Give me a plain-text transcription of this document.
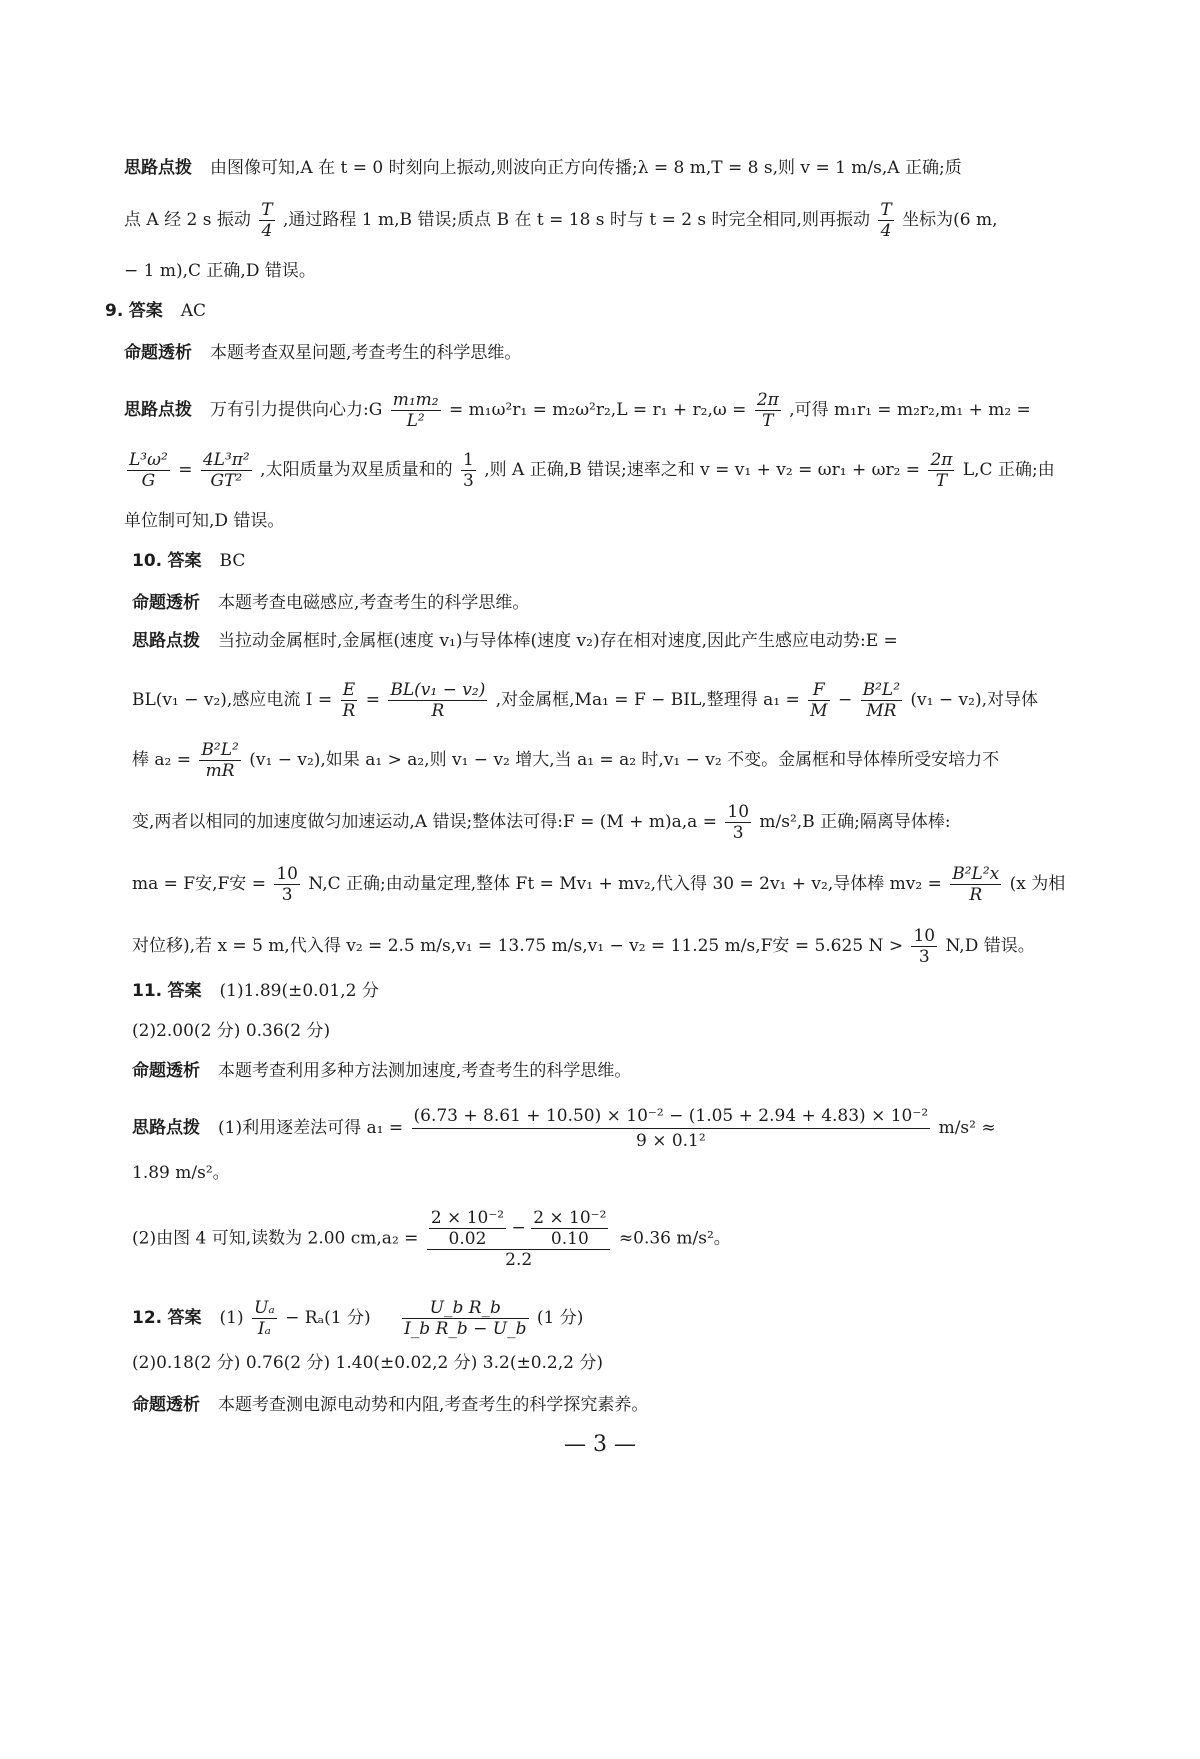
思路点拨 由图像可知,A 在 t = 0 时刻向上振动,则波向正方向传播;λ = 8 m,T = 8 s,则 v = 1 m/s,A 正确;质
点 A 经 2 s 振动 $\frac{T}{4}$ ,通过路程 1 m,B 错误;质点 B 在 t = 18 s 时与 t = 2 s 时完全相同,则再振动 $\frac{T}{4}$ 坐标为(6 m,
− 1 m),C 正确,D 错误。
9. 答案 AC
命题透析 本题考查双星问题,考查考生的科学思维。
思路点拨 万有引力提供向心力:G $\frac{\text{m₁m₂}}{\text{L²}} = m_1\omega^2r_1 = m_2\omega^2r_2,L = r_1 + r_2,\omega = \frac{2\pi}{T}$ ,可得 m₁r₁ = m₂r₂,m₁ + m₂ =
$\frac{\text{L³ω²}}{G} = \frac{\text{4L³π²}}{\text{GT²}}$ ,太阳质量为双星质量和的 $\frac{1}{3}$ ,则 A 正确,B 错误;速率之和 $v = v_1 + v_2 = \omega r_1 + \omega r_2 = \frac{2\pi}{T} L,C$ 正确;由
单位制可知,D 错误。
10. 答案 BC
命题透析 本题考查电磁感应,考查考生的科学思维。
思路点拨 当拉动金属框时,金属框(速度 v₁)与导体棒(速度 v₂)存在相对速度,因此产生感应电动势:E =
BL(v₁ − v₂),感应电流 $I = \frac{E}{R} = \frac{\text{BL(v₁ − v₂)}}{R}$ ,对金属框,Ma₁ = F − BIL,整理得 $a_1 = \frac{F}{M} - \frac{\text{B²L²}}{MR} (v_1 - v_2)$,对导体
棒 $a_2 = \frac{\text{B²L²}}{mR} (v_1 - v_2)$,如果 a₁ > a₂,则 v₁ − v₂ 增大,当 a₁ = a₂ 时,v₁ − v₂ 不变。金属框和导体棒所受安培力不
变,两者以相同的加速度做匀加速运动,A 错误;整体法可得:F = $(M + m)a,a = \frac{10}{3} m/s^2,B$ 正确;隔离导体棒:
ma = F安,F安 = $\frac{10}{3} N,C$ 正确;由动量定理,整体 Ft = Mv₁ + mv₂,代入得 30 = 2v₁ + v₂,导体棒 $mv_2 = \frac{\text{B²L²x}}{R} (x$ 为相
对位移),若 x = 5 m,代入得 v₂ = 2.5 m/s,v₁ = 13.75 m/s,v₁ − v₂ = 11.25 m/s,F安 = 5.625 $N > \frac{10}{3} N,D$ 错误。
11. 答案 (1)1.89(±0.01,2 分
(2)2.00(2 分) 0.36(2 分)
命题透析 本题考查利用多种方法测加速度,考查考生的科学思维。
思路点拨 (1)利用逐差法可得 $a_1 = \frac{\text{(6.73 + 8.61 + 10.50) × 10⁻² − (1.05 + 2.94 + 4.83) × 10⁻²}}{\text{9 × 0.1²}} m/s^2$ ≈
1.89 m/s²。
(2)由图 4 可知,读数为 2.00 $cm,a_2 = \frac{\frac{\text{2 × 10⁻²}}{0.02} - \frac{\text{2 × 10⁻²}}{0.10}}{2.2} \approx 0.36$ m/s²。
12. 答案 $(1) \frac{\text{Uₐ}}{\text{Iₐ}} - R_a(1$ 分) $\frac{\text{U\_b R\_b}}{\text{I\_b R\_b − U\_b}} (1$ 分)
(2)0.18(2 分) 0.76(2 分) 1.40(±0.02,2 分) 3.2(±0.2,2 分)
命题透析 本题考查测电源电动势和内阻,考查考生的科学探究素养。
— 3 —
